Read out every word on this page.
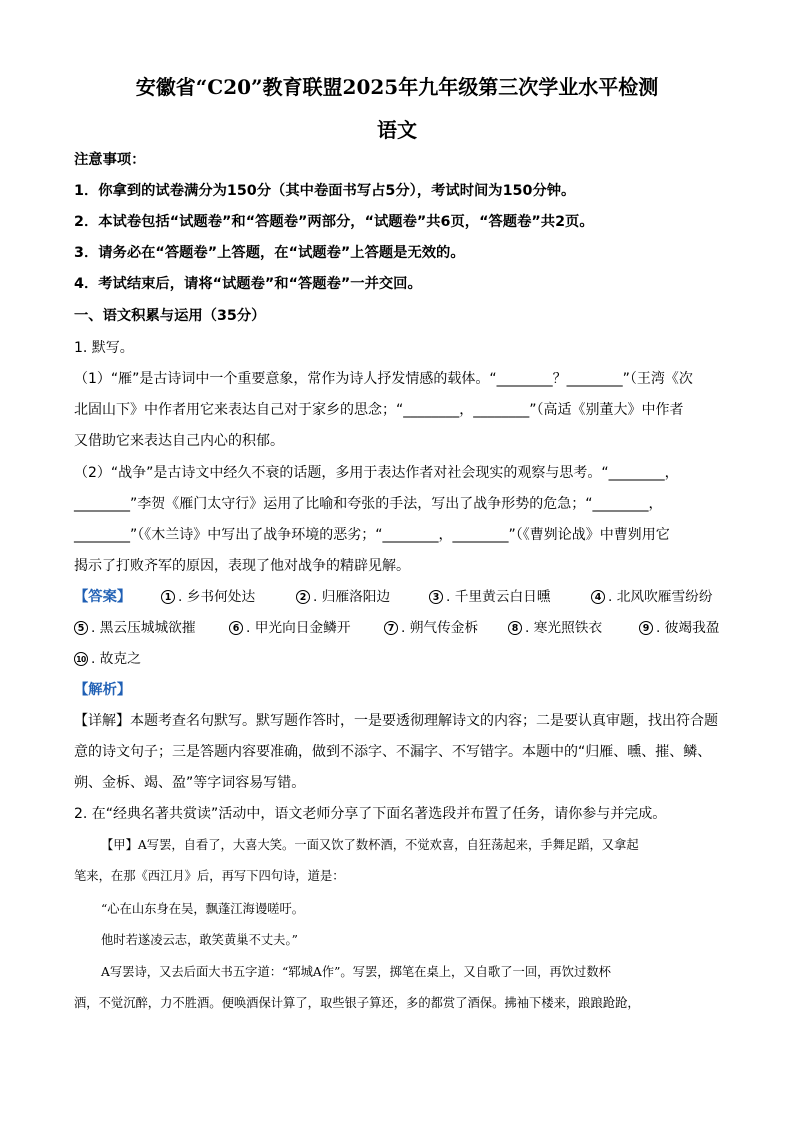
安徽省“C20”教育联盟2025年九年级第三次学业水平检测
语文
注意事项：
1．你拿到的试卷满分为150分（其中卷面书写占5分），考试时间为150分钟。
2．本试卷包括“试题卷”和“答题卷”两部分，“试题卷”共6页，“答题卷”共2页。
3．请务必在“答题卷”上答题，在“试题卷”上答题是无效的。
4．考试结束后，请将“试题卷”和“答题卷”一并交回。
一、语文积累与运用（35分）
1. 默写。
（1）“雁”是古诗词中一个重要意象，常作为诗人抒发情感的载体。“________？________”（王湾《次
北固山下》中作者用它来表达自己对于家乡的思念；“________，________”（高适《别董大》中作者
又借助它来表达自己内心的积郁。
（2）“战争”是古诗文中经久不衰的话题，多用于表达作者对社会现实的观察与思考。“________，
________”李贺《雁门太守行》运用了比喻和夸张的手法，写出了战争形势的危急；“________，
________”（《木兰诗》中写出了战争环境的恶劣；“________，________”（《曹刿论战》中曹刿用它
揭示了打败齐军的原因，表现了他对战争的精辟见解。
【答案】	1 . 乡书何处达	2 . 归雁洛阳边	3 . 千里黄云白日曛	4 . 北风吹雁雪纷纷
5 . 黑云压城城欲摧	6 . 甲光向日金鳞开	7 . 朔气传金柝	8 . 寒光照铁衣	9 . 彼竭我盈
10 . 故克之
【解析】
【详解】本题考查名句默写。默写题作答时，一是要透彻理解诗文的内容；二是要认真审题，找出符合题
意的诗文句子；三是答题内容要准确，做到不添字、不漏字、不写错字。本题中的“归雁、曛、摧、鳞、
朔、金柝、竭、盈”等字词容易写错。
2. 在“经典名著共赏读”活动中，语文老师分享了下面名著选段并布置了任务，请你参与并完成。
【甲】A写罢，自看了，大喜大笑。一面又饮了数杯酒，不觉欢喜，自狂荡起来，手舞足蹈，又拿起
笔来，在那《西江月》后，再写下四句诗，道是：
“心在山东身在吴，飘蓬江海谩嗟吁。
他时若遂凌云志，敢笑黄巢不丈夫。”
A写罢诗，又去后面大书五字道：“郓城A作”。写罢，掷笔在桌上，又自歌了一回，再饮过数杯
酒，不觉沉醉，力不胜酒。便唤酒保计算了，取些银子算还，多的都赏了酒保。拂袖下楼来，踉踉跄跄，
